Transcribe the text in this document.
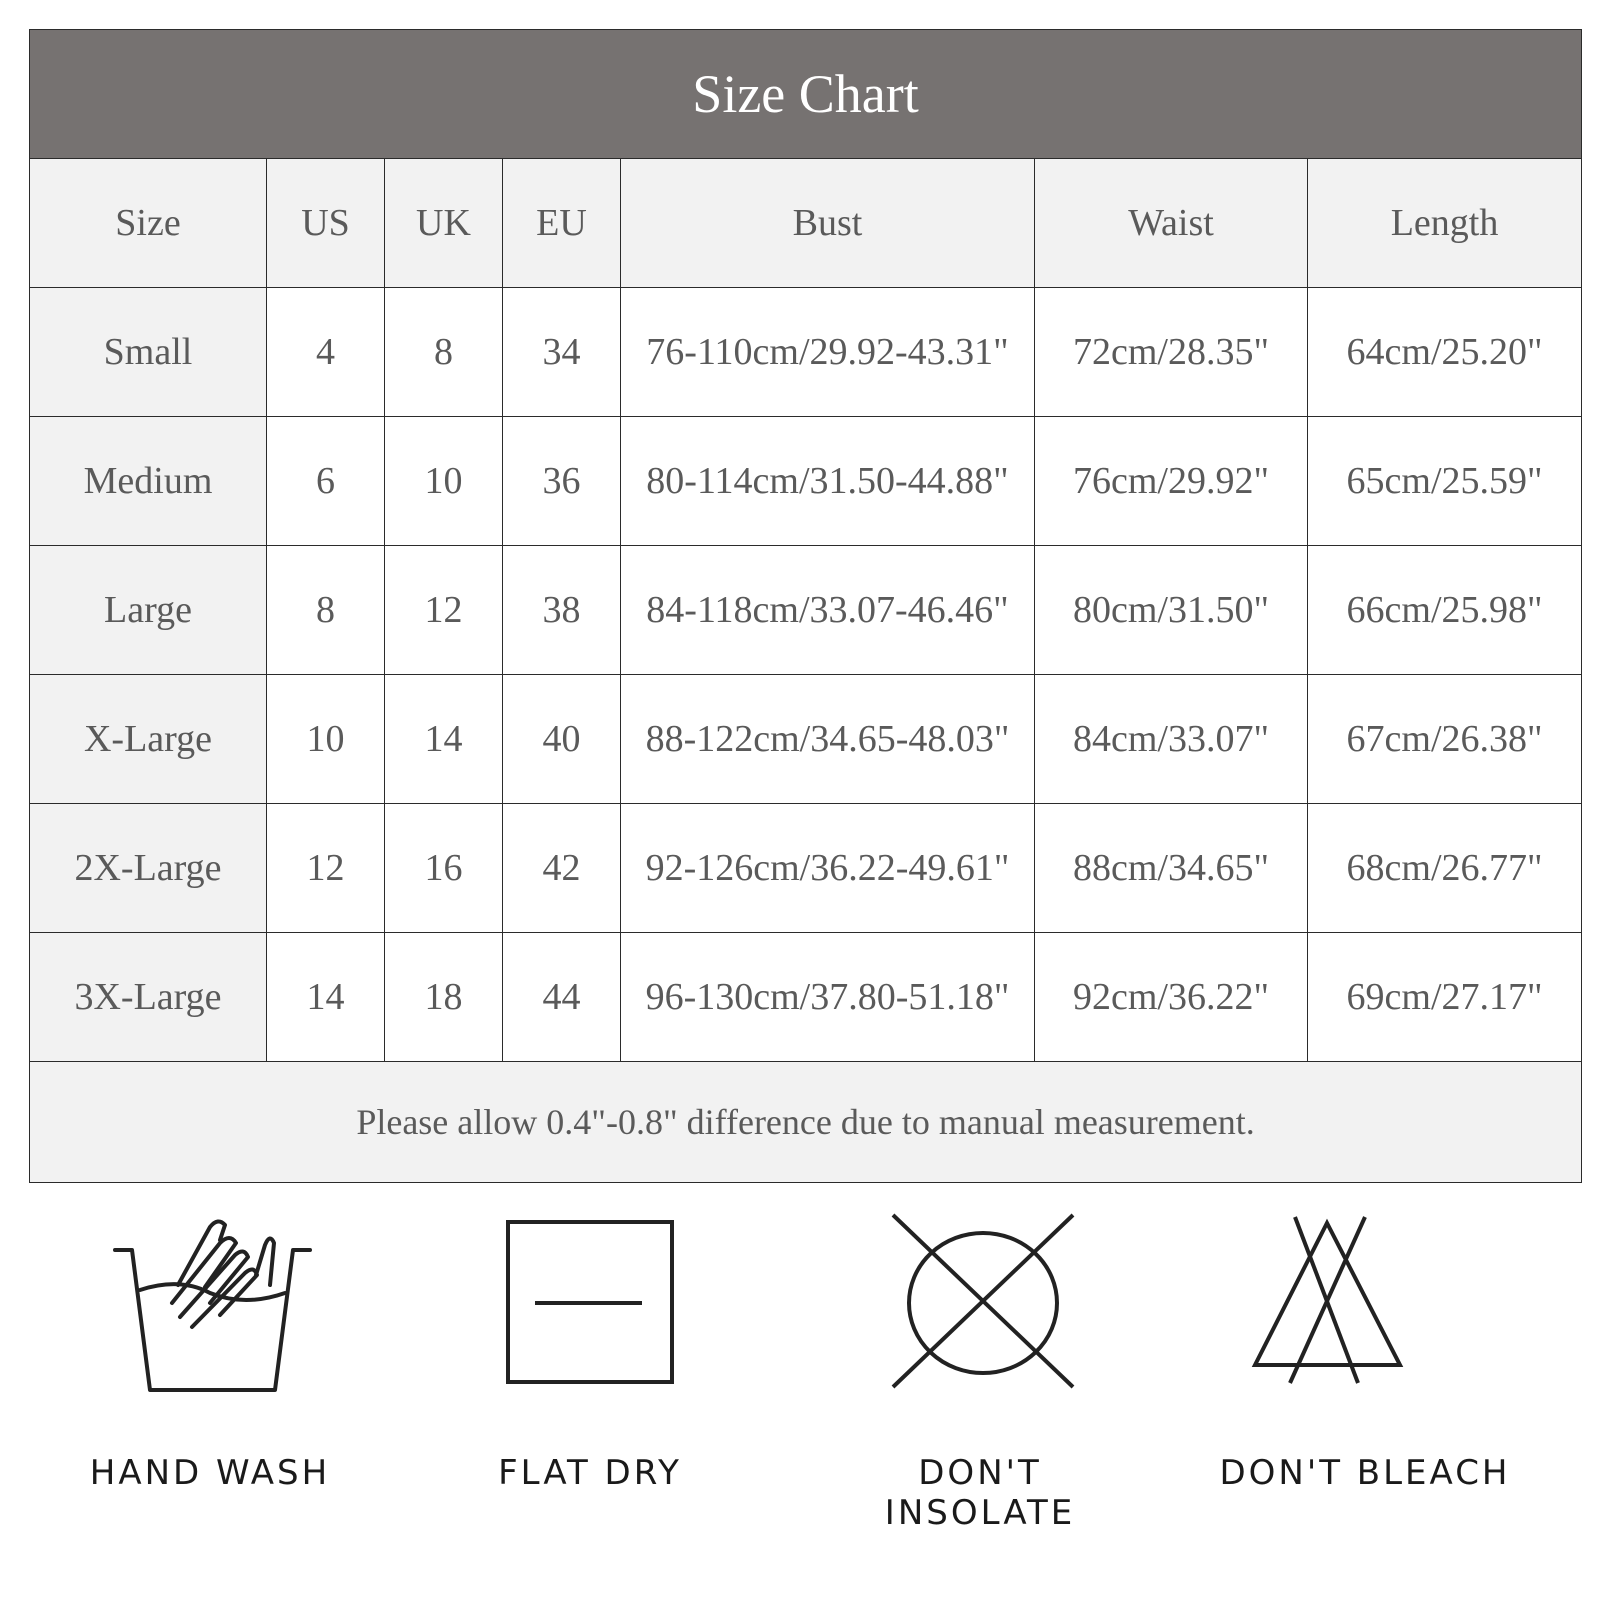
Size Chart						
Size	US	UK	EU	Bust	Waist	Length
Small	4	8	34	76-110cm/29.92-43.31"	72cm/28.35"	64cm/25.20"
Medium	6	10	36	80-114cm/31.50-44.88"	76cm/29.92"	65cm/25.59"
Large	8	12	38	84-118cm/33.07-46.46"	80cm/31.50"	66cm/25.98"
X-Large	10	14	40	88-122cm/34.65-48.03"	84cm/33.07"	67cm/26.38"
2X-Large	12	16	42	92-126cm/36.22-49.61"	88cm/34.65"	68cm/26.77"
3X-Large	14	18	44	96-130cm/37.80-51.18"	92cm/36.22"	69cm/27.17"
Please allow 0.4"-0.8" difference due to manual measurement.						
HAND WASH	FLAT DRY	DON'T INSOLATE
DON'T BLEACH
